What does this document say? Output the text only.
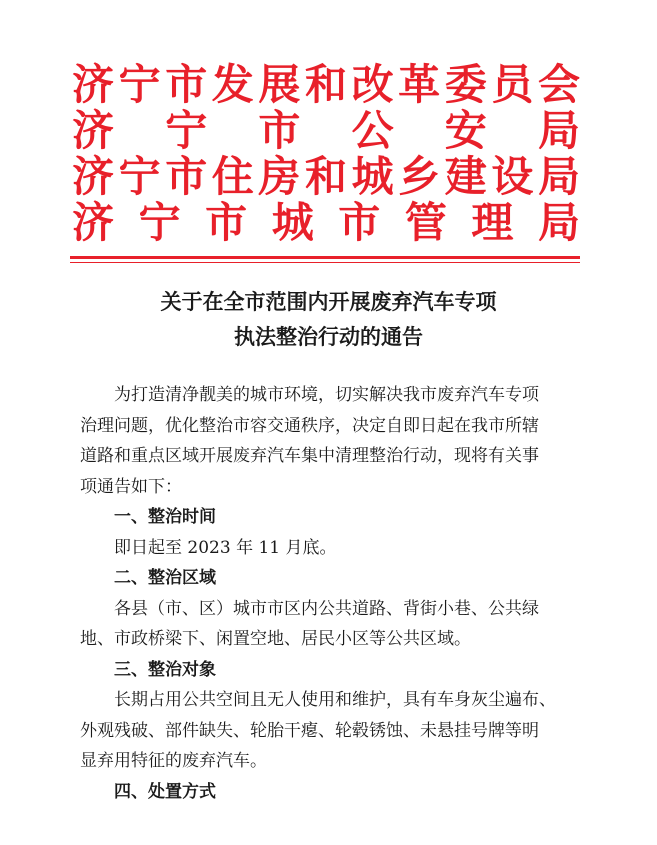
济 宁 市 发 展 和 改 革 委 员 会
济 宁 市 公 安 局
济 宁 市 住 房 和 城 乡 建 设 局
济 宁 市 城 市 管 理 局
关于在全市范围内开展废弃汽车专项
执法整治行动的通告

为打造清净靓美的城市环境，切实解决我市废弃汽车专项

治理问题，优化整治市容交通秩序，决定自即日起在我市所辖

道路和重点区域开展废弃汽车集中清理整治行动，现将有关事

项通告如下：

一、整治时间

即日起至 2023 年 11 月底。

二、整治区域

各县（市、区）城市市区内公共道路、背街小巷、公共绿

地、市政桥梁下、闲置空地、居民小区等公共区域。

三、整治对象

长期占用公共空间且无人使用和维护，具有车身灰尘遍布、

外观残破、部件缺失、轮胎干瘪、轮毂锈蚀、未悬挂号牌等明

显弃用特征的废弃汽车。

四、处置方式
